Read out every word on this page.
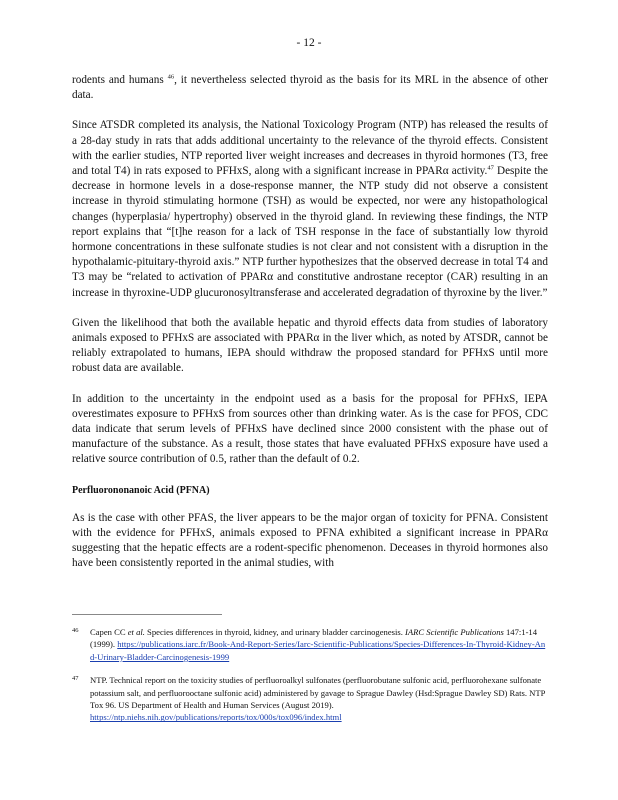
- 12 -

rodents and humans $^{46}$, it nevertheless selected thyroid as the basis for its MRL in the absence of other data.

Since ATSDR completed its analysis, the National Toxicology Program (NTP) has released the results of a 28-day study in rats that adds additional uncertainty to the relevance of the thyroid effects. Consistent with the earlier studies, NTP reported liver weight increases and decreases in thyroid hormones (T3, free and total T4) in rats exposed to PFHxS, along with a significant increase in PPARα activity.$^{47}$ Despite the decrease in hormone levels in a dose-response manner, the NTP study did not observe a consistent increase in thyroid stimulating hormone (TSH) as would be expected, nor were any histopathological changes (hyperplasia/ hypertrophy) observed in the thyroid gland. In reviewing these findings, the NTP report explains that “[t]he reason for a lack of TSH response in the face of substantially low thyroid hormone concentrations in these sulfonate studies is not clear and not consistent with a disruption in the hypothalamic-pituitary-thyroid axis.” NTP further hypothesizes that the observed decrease in total T4 and T3 may be “related to activation of PPARα and constitutive androstane receptor (CAR) resulting in an increase in thyroxine-UDP glucuronosyltransferase and accelerated degradation of thyroxine by the liver.”

Given the likelihood that both the available hepatic and thyroid effects data from studies of laboratory animals exposed to PFHxS are associated with PPARα in the liver which, as noted by ATSDR, cannot be reliably extrapolated to humans, IEPA should withdraw the proposed standard for PFHxS until more robust data are available.

In addition to the uncertainty in the endpoint used as a basis for the proposal for PFHxS, IEPA overestimates exposure to PFHxS from sources other than drinking water. As is the case for PFOS, CDC data indicate that serum levels of PFHxS have declined since 2000 consistent with the phase out of manufacture of the substance. As a result, those states that have evaluated PFHxS exposure have used a relative source contribution of 0.5, rather than the default of 0.2.

Perfluorononanoic Acid (PFNA)

As is the case with other PFAS, the liver appears to be the major organ of toxicity for PFNA. Consistent with the evidence for PFHxS, animals exposed to PFNA exhibited a significant increase in PPARα suggesting that the hepatic effects are a rodent-specific phenomenon. Deceases in thyroid hormones also have been consistently reported in the animal studies, with

46	Capen CC et al. Species differences in thyroid, kidney, and urinary bladder carcinogenesis. IARC Scientific Publications 147:1-14 (1999). https://publications.iarc.fr/Book-And-Report-Series/Iarc-Scientific-Publications/Species-Differences-In-Thyroid-Kidney-And-Urinary-Bladder-Carcinogenesis-1999
47	NTP. Technical report on the toxicity studies of perfluoroalkyl sulfonates (perfluorobutane sulfonic acid, perfluorohexane sulfonate potassium salt, and perfluorooctane sulfonic acid) administered by gavage to Sprague Dawley (Hsd:Sprague Dawley SD) Rats. NTP Tox 96. US Department of Health and Human Services (August 2019). https://ntp.niehs.nih.gov/publications/reports/tox/000s/tox096/index.html
